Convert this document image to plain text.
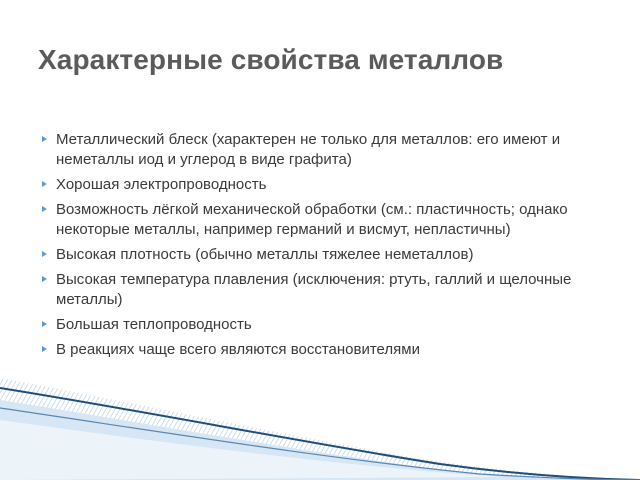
Характерные свойства металлов
Металлический блеск (характерен не только для металлов: его имеют и неметаллы иод и углерод в виде графита)
Хорошая электропроводность
Возможность лёгкой механической обработки (см.: пластичность; однако некоторые металлы, например германий и висмут, непластичны)
Высокая плотность (обычно металлы тяжелее неметаллов)
Высокая температура плавления (исключения: ртуть, галлий и щелочные металлы)
Большая теплопроводность
В реакциях чаще всего являются восстановителями
